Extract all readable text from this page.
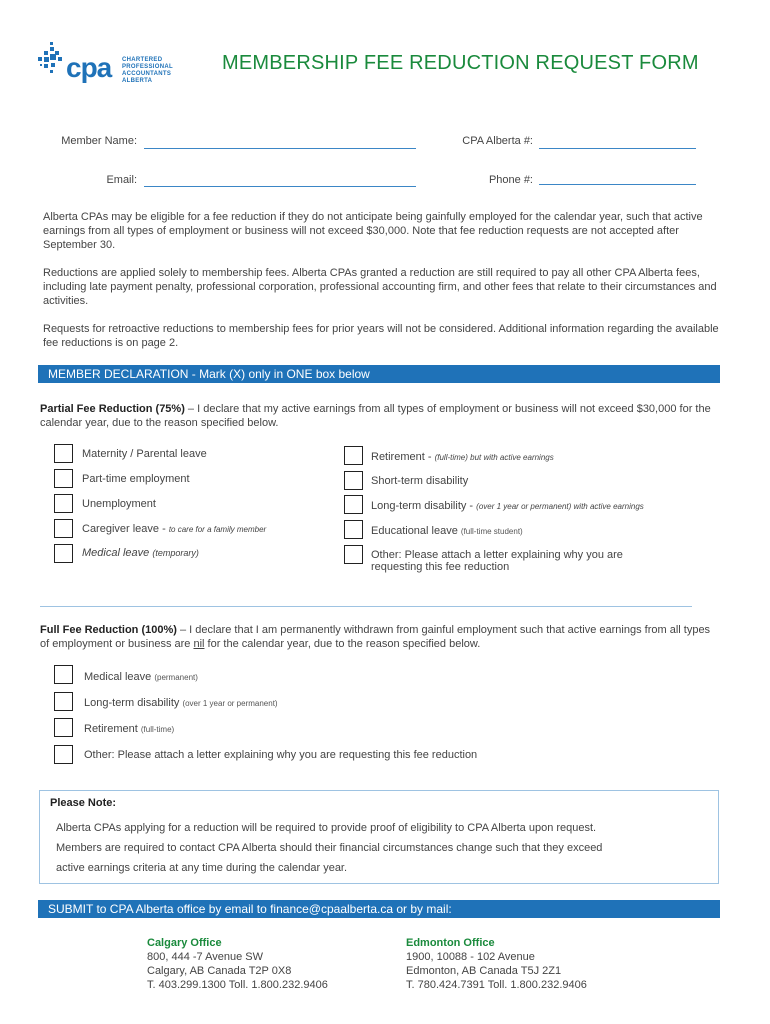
cpa CHARTERED
PROFESSIONAL
ACCOUNTANTS
ALBERTA
MEMBERSHIP FEE REDUCTION REQUEST FORM
Member Name:	CPA Alberta #:
Email:	Phone #:
Alberta CPAs may be eligible for a fee reduction if they do not anticipate being gainfully employed for the calendar year, such that active earnings from all types of employment or business will not exceed $30,000. Note that fee reduction requests are not accepted after September 30.
Reductions are applied solely to membership fees. Alberta CPAs granted a reduction are still required to pay all other CPA Alberta fees, including late payment penalty, professional corporation, professional accounting firm, and other fees that relate to their circumstances and activities.
Requests for retroactive reductions to membership fees for prior years will not be considered. Additional information regarding the available fee reductions is on page 2.
MEMBER DECLARATION - Mark (X) only in ONE box below
Partial Fee Reduction (75%) – I declare that my active earnings from all types of employment or business will not exceed $30,000 for the calendar year, due to the reason specified below.
Maternity / Parental leave
Part-time employment
Unemployment
Caregiver leave - to care for a family member
Medical leave (temporary)
Retirement - (full-time) but with active earnings
Short-term disability
Long-term disability - (over 1 year or permanent) with active earnings
Educational leave (full-time student)
Other: Please attach a letter explaining why you are requesting this fee reduction
Full Fee Reduction (100%) – I declare that I am permanently withdrawn from gainful employment such that active earnings from all types of employment or business are nil for the calendar year, due to the reason specified below.
Medical leave (permanent)
Long-term disability (over 1 year or permanent)
Retirement (full-time)
Other: Please attach a letter explaining why you are requesting this fee reduction
Please Note:
Alberta CPAs applying for a reduction will be required to provide proof of eligibility to CPA Alberta upon request.
Members are required to contact CPA Alberta should their financial circumstances change such that they exceed
active earnings criteria at any time during the calendar year.
SUBMIT to CPA Alberta office by email to finance@cpaalberta.ca or by mail:
Calgary Office
800, 444 -7 Avenue SW
Calgary, AB Canada T2P 0X8
T. 403.299.1300 Toll. 1.800.232.9406
Edmonton Office
1900, 10088 - 102 Avenue
Edmonton, AB Canada T5J 2Z1
T. 780.424.7391 Toll. 1.800.232.9406
